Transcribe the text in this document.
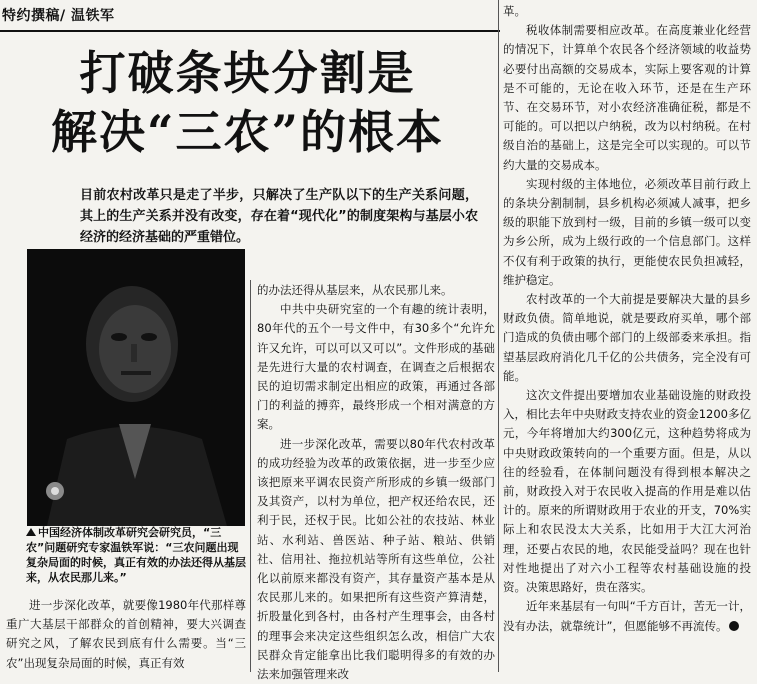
特约撰稿/ 温铁军
打破条块分割是
解决“三农”的根本
目前农村改革只是走了半步，只解决了生产队以下的生产关系问题，其上的生产关系并没有改变，存在着“现代化”的制度架构与基层小农经济的经济基础的严重错位。
中国经济体制改革研究会研究员，“三农”问题研究专家温铁军说：“三农问题出现复杂局面的时候，真正有效的办法还得从基层来，从农民那儿来。”

进一步深化改革，就要像1980年代那样尊重广大基层干部群众的首创精神，要大兴调查研究之风，了解农民到底有什么需要。当“三农”出现复杂局面的时候，真正有效

的办法还得从基层来，从农民那儿来。

中共中央研究室的一个有趣的统计表明，80年代的五个一号文件中，有30多个“允许允许又允许，可以可以又可以”。文件形成的基础是先进行大量的农村调查，在调查之后根据农民的迫切需求制定出相应的政策，再通过各部门的利益的搏弈，最终形成一个相对满意的方案。

进一步深化改革，需要以80年代农村改革的成功经验为改革的政策依据，进一步至少应该把原来平调农民资产所形成的乡镇一级部门及其资产，以村为单位，把产权还给农民，还利于民，还权于民。比如公社的农技站、林业站、水利站、兽医站、种子站、粮站、供销社、信用社、拖拉机站等所有这些单位，公社化以前原来都没有资产，其存量资产基本是从农民那儿来的。如果把所有这些资产算清楚，折股量化到各村，由各村产生理事会，由各村的理事会来决定这些组织怎么改，相信广大农民群众肯定能拿出比我们聪明得多的有效的办法来加强管理来改

革。

税收体制需要相应改革。在高度兼业化经营的情况下，计算单个农民各个经济领域的收益势必要付出高额的交易成本，实际上要客观的计算是不可能的，无论在收入环节，还是在生产环节、在交易环节，对小农经济准确征税，都是不可能的。可以把以户纳税，改为以村纳税。在村级自治的基础上，这是完全可以实现的。可以节约大量的交易成本。

实现村级的主体地位，必须改革目前行政上的条块分割制制，县乡机构必须减人减事，把乡级的职能下放到村一级，目前的乡镇一级可以变为乡公所，成为上级行政的一个信息部门。这样不仅有利于政策的执行，更能使农民负担减轻，维护稳定。

农村改革的一个大前提是要解决大量的县乡财政负债。简单地说，就是要政府买单，哪个部门造成的负债由哪个部门的上级部委来承担。指望基层政府消化几千亿的公共债务，完全没有可能。

这次文件提出要增加农业基础设施的财政投入，相比去年中央财政支持农业的资金1200多亿元，今年将增加大约300亿元，这种趋势将成为中央财政政策转向的一个重要方面。但是，从以往的经验看，在体制问题没有得到根本解决之前，财政投入对于农民收入提高的作用是难以估计的。原来的所谓财政用于农业的开支，70%实际上和农民没太大关系，比如用于大江大河治理，还要占农民的地，农民能受益吗？现在也针对性地提出了对六小工程等农村基础设施的投资。决策思路好，贵在落实。

近年来基层有一句叫“千方百计，苦无一计，没有办法，就靠统计”，但愿能够不再流传。
